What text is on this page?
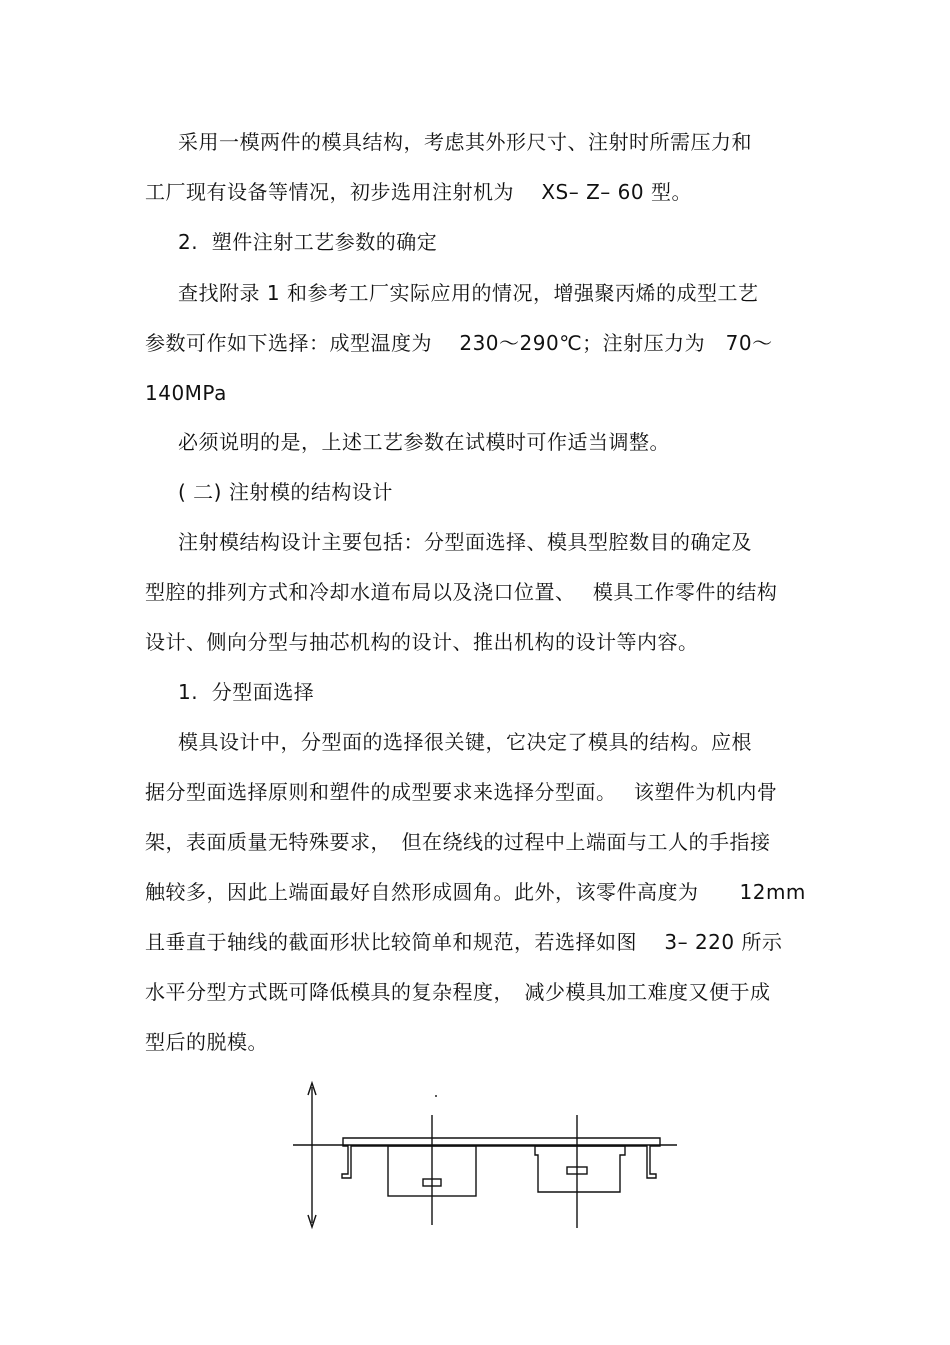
采用一模两件的模具结构，考虑其外形尺寸、注射时所需压力和
工厂现有设备等情况，初步选用注射机为　 XS– Z– 60 型。
2.  塑件注射工艺参数的确定
查找附录 1 和参考工厂实际应用的情况，增强聚丙烯的成型工艺
参数可作如下选择：成型温度为　 230～290℃；注射压力为　70～
140MPa
必须说明的是，上述工艺参数在试模时可作适当调整。
( 二) 注射模的结构设计
注射模结构设计主要包括：分型面选择、模具型腔数目的确定及
型腔的排列方式和冷却水道布局以及浇口位置、　 模具工作零件的结构
设计、侧向分型与抽芯机构的设计、推出机构的设计等内容。
1.  分型面选择
模具设计中，分型面的选择很关键，它决定了模具的结构。应根
据分型面选择原则和塑件的成型要求来选择分型面。　 该塑件为机内骨
架，表面质量无特殊要求，　但在绕线的过程中上端面与工人的手指接
触较多，因此上端面最好自然形成圆角。此外，该零件高度为　　12mm
且垂直于轴线的截面形状比较简单和规范，若选择如图　 3– 220 所示
水平分型方式既可降低模具的复杂程度，　减少模具加工难度又便于成
型后的脱模。
